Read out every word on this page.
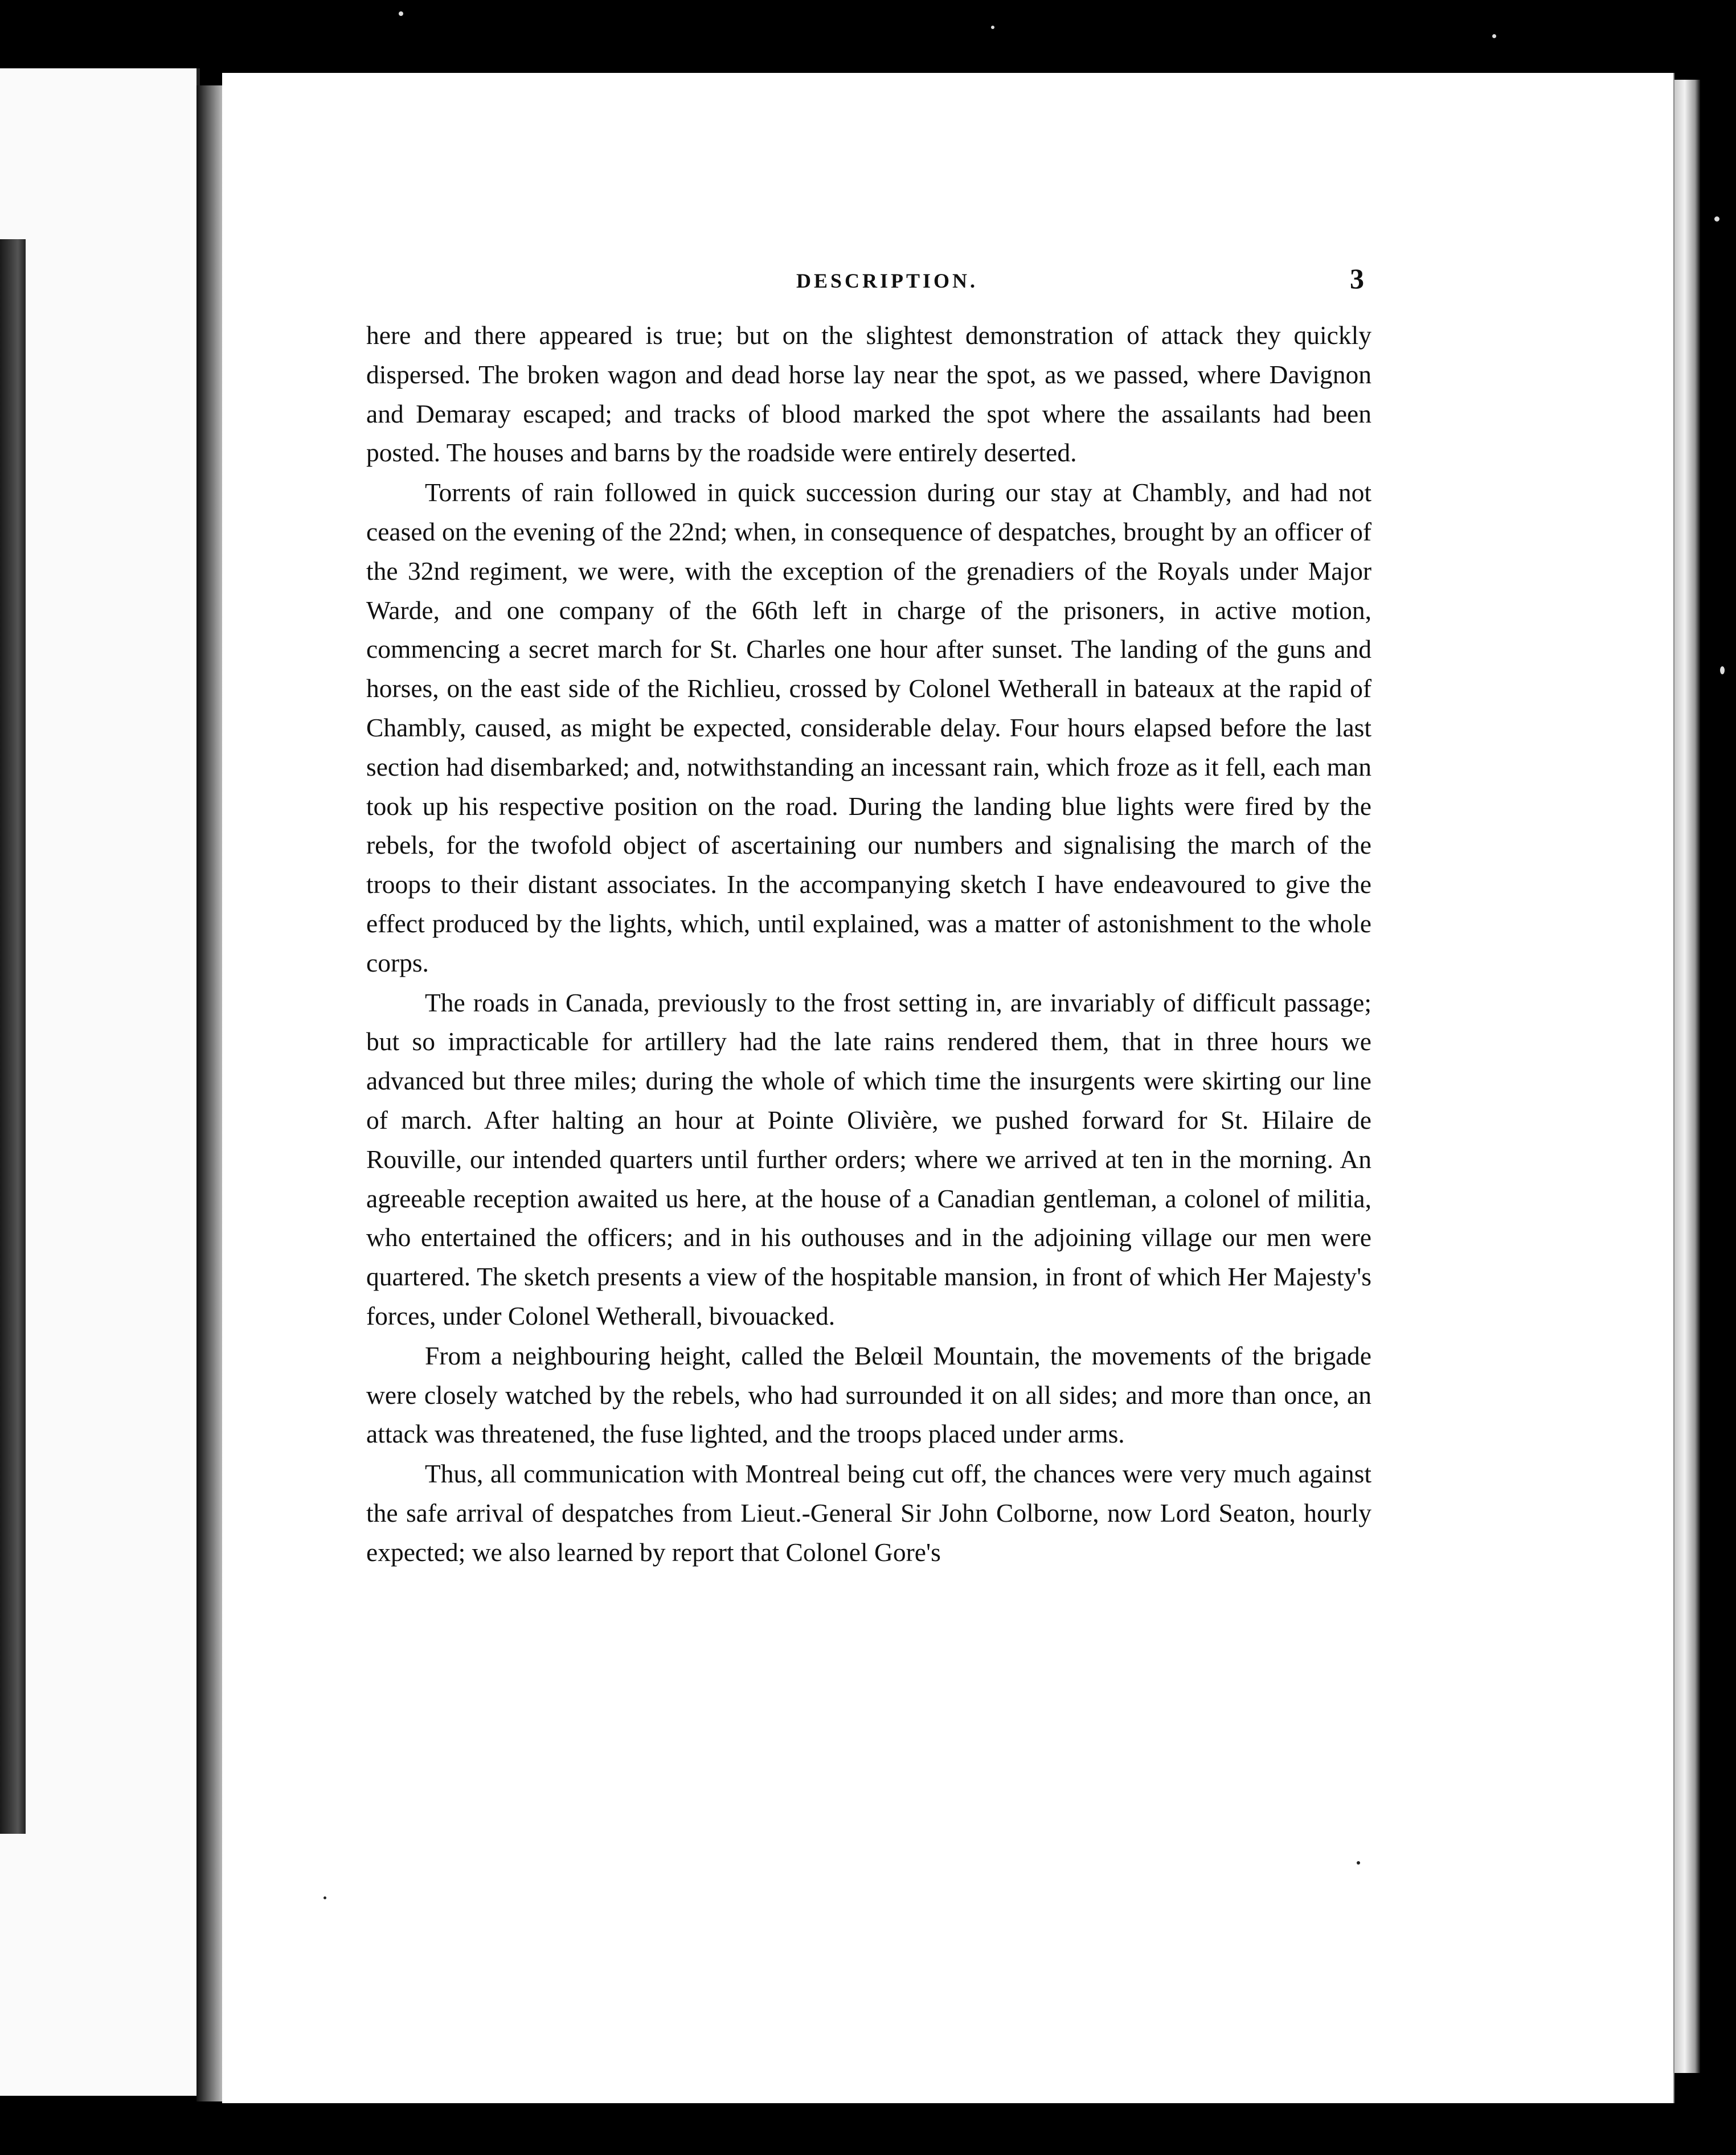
DESCRIPTION.	3

here and there appeared is true; but on the slightest demonstration of attack they quickly dispersed. The broken wagon and dead horse lay near the spot, as we passed, where Davignon and Demaray escaped; and tracks of blood marked the spot where the assailants had been posted. The houses and barns by the roadside were entirely deserted.

Torrents of rain followed in quick succession during our stay at Chambly, and had not ceased on the evening of the 22nd; when, in consequence of despatches, brought by an officer of the 32nd regiment, we were, with the exception of the grenadiers of the Royals under Major Warde, and one company of the 66th left in charge of the prisoners, in active motion, commencing a secret march for St. Charles one hour after sunset. The landing of the guns and horses, on the east side of the Richlieu, crossed by Colonel Wetherall in bateaux at the rapid of Chambly, caused, as might be expected, considerable delay. Four hours elapsed before the last section had disembarked; and, notwithstanding an incessant rain, which froze as it fell, each man took up his respective position on the road. During the landing blue lights were fired by the rebels, for the twofold object of ascertaining our numbers and signalising the march of the troops to their distant associates. In the accompanying sketch I have endeavoured to give the effect produced by the lights, which, until explained, was a matter of astonishment to the whole corps.

The roads in Canada, previously to the frost setting in, are invariably of difficult passage; but so impracticable for artillery had the late rains rendered them, that in three hours we advanced but three miles; during the whole of which time the insurgents were skirting our line of march. After halting an hour at Pointe Olivière, we pushed forward for St. Hilaire de Rouville, our intended quarters until further orders; where we arrived at ten in the morning. An agreeable reception awaited us here, at the house of a Canadian gentleman, a colonel of militia, who entertained the officers; and in his outhouses and in the adjoining village our men were quartered. The sketch presents a view of the hospitable mansion, in front of which Her Majesty's forces, under Colonel Wetherall, bivouacked.

From a neighbouring height, called the Belœil Mountain, the movements of the brigade were closely watched by the rebels, who had surrounded it on all sides; and more than once, an attack was threatened, the fuse lighted, and the troops placed under arms.

Thus, all communication with Montreal being cut off, the chances were very much against the safe arrival of despatches from Lieut.-General Sir John Colborne, now Lord Seaton, hourly expected; we also learned by report that Colonel Gore's
